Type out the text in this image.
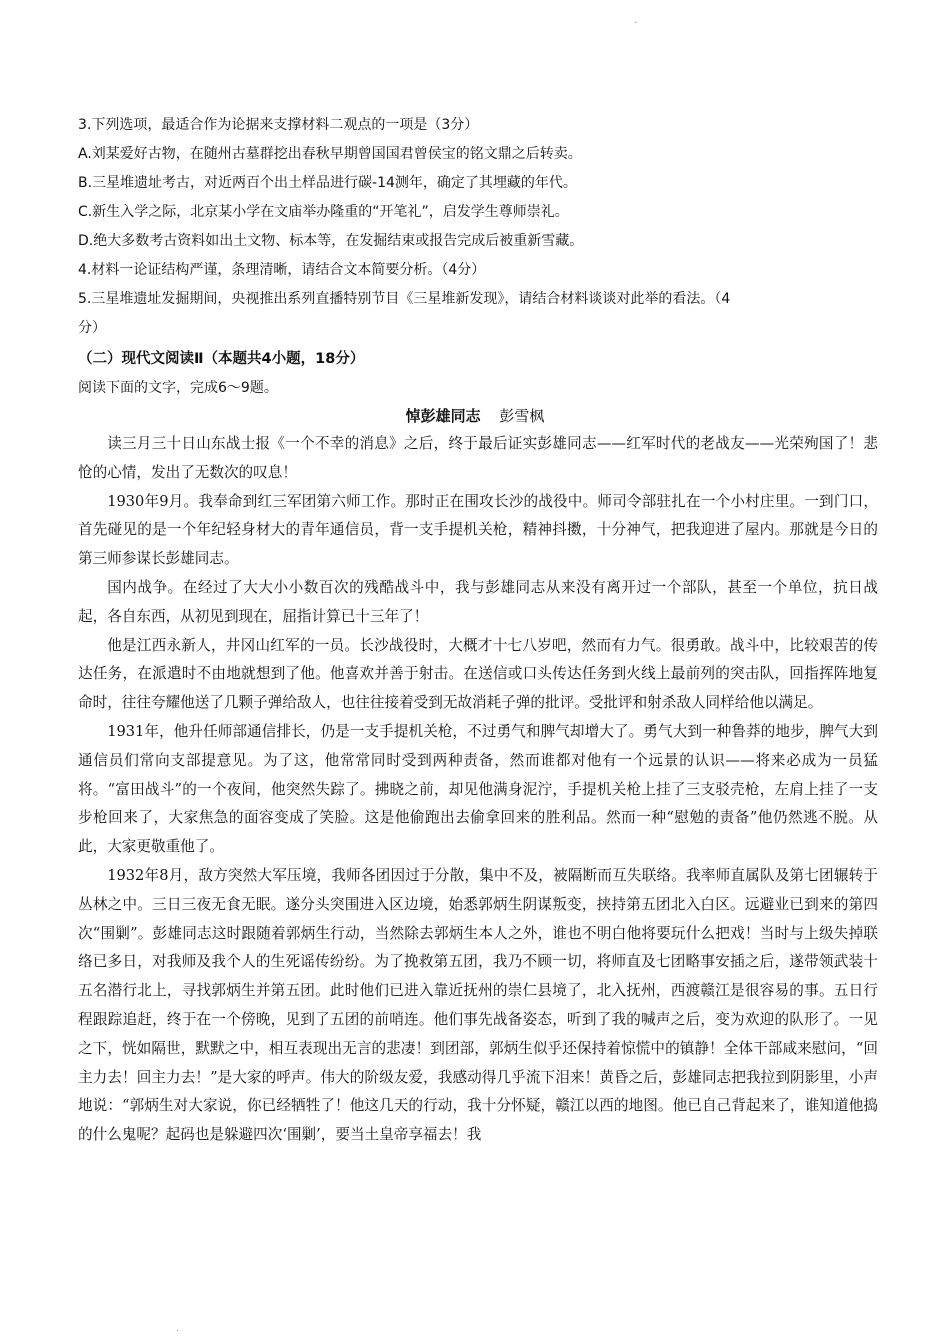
·
3.下列选项，最适合作为论据来支撑材料二观点的一项是（3分）
A.刘某爱好古物，在随州古墓群挖出春秋早期曾国国君曾侯宝的铭文鼎之后转卖。
B.三星堆遗址考古，对近两百个出土样品进行碳-14测年，确定了其埋藏的年代。
C.新生入学之际，北京某小学在文庙举办隆重的“开笔礼”，启发学生尊师崇礼。
D.绝大多数考古资料如出土文物、标本等，在发掘结束或报告完成后被重新雪藏。
4.材料一论证结构严谨，条理清晰，请结合文本简要分析。（4分）
5.三星堆遗址发掘期间，央视推出系列直播特别节目《三星堆新发现》，请结合材料谈谈对此举的看法。（4
分）
（二）现代文阅读Ⅱ（本题共4小题，18分）
阅读下面的文字，完成6～9题。
悼彭雄同志 彭雪枫

读三月三十日山东战士报《一个不幸的消息》之后，终于最后证实彭雄同志——红军时代的老战友——光荣殉国了！悲怆的心情，发出了无数次的叹息！

1930年9月。我奉命到红三军团第六师工作。那时正在围攻长沙的战役中。师司令部驻扎在一个小村庄里。一到门口，首先碰见的是一个年纪轻身材大的青年通信员，背一支手提机关枪，精神抖擞，十分神气，把我迎进了屋内。那就是今日的第三师参谋长彭雄同志。

国内战争。在经过了大大小小数百次的残酷战斗中，我与彭雄同志从来没有离开过一个部队，甚至一个单位，抗日战起，各自东西，从初见到现在，屈指计算已十三年了！

他是江西永新人，井冈山红军的一员。长沙战役时，大概才十七八岁吧，然而有力气。很勇敢。战斗中，比较艰苦的传达任务，在派遣时不由地就想到了他。他喜欢并善于射击。在送信或口头传达任务到火线上最前列的突击队，回指挥阵地复命时，往往夸耀他送了几颗子弹给敌人，也往往接着受到无故消耗子弹的批评。受批评和射杀敌人同样给他以满足。

1931年，他升任师部通信排长，仍是一支手提机关枪，不过勇气和脾气却增大了。勇气大到一种鲁莽的地步，脾气大到通信员们常向支部提意见。为了这，他常常同时受到两种责备，然而谁都对他有一个远景的认识——将来必成为一员猛将。“富田战斗”的一个夜间，他突然失踪了。拂晓之前，却见他满身泥泞，手提机关枪上挂了三支驳壳枪，左肩上挂了一支步枪回来了，大家焦急的面容变成了笑脸。这是他偷跑出去偷拿回来的胜利品。然而一种“慰勉的责备”他仍然逃不脱。从此，大家更敬重他了。

1932年8月，敌方突然大军压境，我师各团因过于分散，集中不及，被隔断而互失联络。我率师直属队及第七团辗转于丛林之中。三日三夜无食无眠。遂分头突围进入区边境，始悉郭炳生阴谋叛变，挟持第五团北入白区。远避业已到来的第四次“围剿”。彭雄同志这时跟随着郭炳生行动，当然除去郭炳生本人之外，谁也不明白他将要玩什么把戏！当时与上级失掉联络已多日，对我师及我个人的生死谣传纷纷。为了挽救第五团，我乃不顾一切，将师直及七团略事安插之后，遂带领武装十五名潜行北上，寻找郭炳生并第五团。此时他们已进入靠近抚州的崇仁县境了，北入抚州，西渡赣江是很容易的事。五日行程跟踪追赶，终于在一个傍晚，见到了五团的前哨连。他们事先战备姿态，听到了我的喊声之后，变为欢迎的队形了。一见之下，恍如隔世，默默之中，相互表现出无言的悲凄！到团部，郭炳生似乎还保持着惊慌中的镇静！全体干部咸来慰问，“回主力去！回主力去！”是大家的呼声。伟大的阶级友爱，我感动得几乎流下泪来！黄昏之后，彭雄同志把我拉到阴影里，小声地说：“郭炳生对大家说，你已经牺牲了！他这几天的行动，我十分怀疑，赣江以西的地图。他已自己背起来了，谁知道他捣的什么鬼呢？起码也是躲避四次‘围剿’，要当土皇帝享福去！我

·
